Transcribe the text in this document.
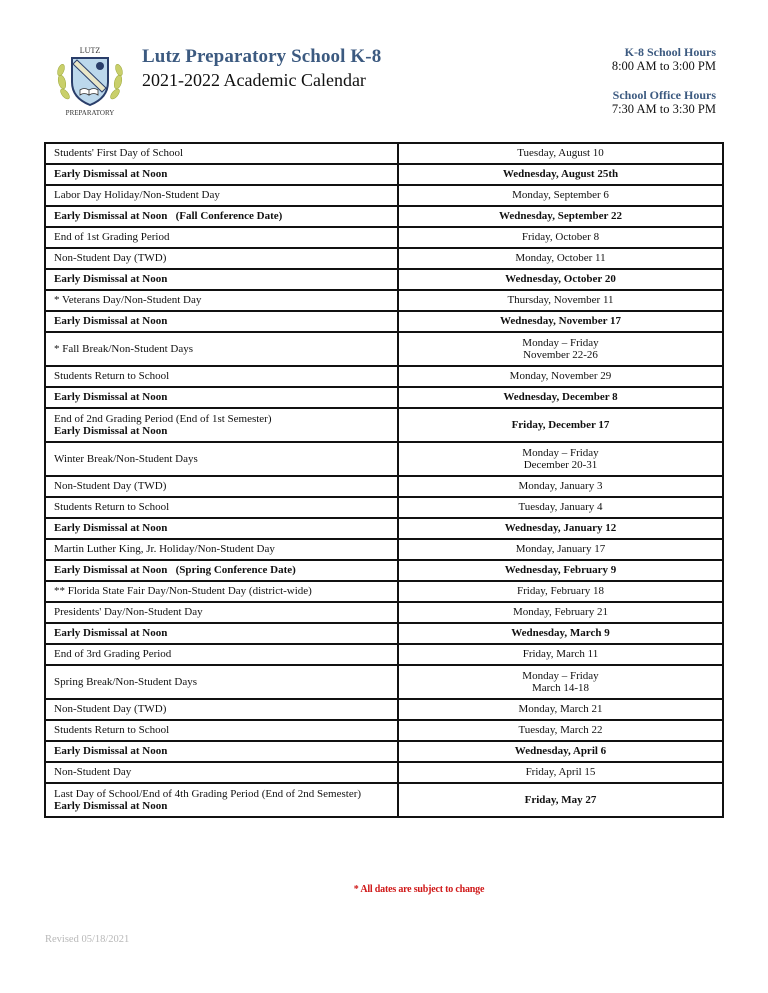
LUTZ
PREPARATORY
Lutz Preparatory School K-8
2021-2022 Academic Calendar
K-8 School Hours
8:00 AM to 3:00 PM
School Office Hours
7:30 AM to 3:30 PM
Students' First Day of School	Tuesday, August 10

Early Dismissal at Noon	Wednesday, August 25th

Labor Day Holiday/Non-Student Day	Monday, September 6

Early Dismissal at Noon   (Fall Conference Date)	Wednesday, September 22

End of 1st Grading Period	Friday, October 8

Non-Student Day (TWD)	Monday, October 11

Early Dismissal at Noon	Wednesday, October 20

* Veterans Day/Non-Student Day	Thursday, November 11

Early Dismissal at Noon	Wednesday, November 17

* Fall Break/Non-Student Days	Monday – Friday
November 22-26

Students Return to School	Monday, November 29

Early Dismissal at Noon	Wednesday, December 8

End of 2nd Grading Period (End of 1st Semester)
Early Dismissal at Noon	Friday, December 17

Winter Break/Non-Student Days	Monday – Friday
December 20-31

Non-Student Day (TWD)	Monday, January 3

Students Return to School	Tuesday, January 4

Early Dismissal at Noon	Wednesday, January 12

Martin Luther King, Jr. Holiday/Non-Student Day	Monday, January 17

Early Dismissal at Noon   (Spring Conference Date)	Wednesday, February 9

** Florida State Fair Day/Non-Student Day (district-wide)	Friday, February 18

Presidents' Day/Non-Student Day	Monday, February 21

Early Dismissal at Noon	Wednesday, March 9

End of 3rd Grading Period	Friday, March 11

Spring Break/Non-Student Days	Monday – Friday
March 14-18

Non-Student Day (TWD)	Monday, March 21

Students Return to School	Tuesday, March 22

Early Dismissal at Noon	Wednesday, April 6

Non-Student Day	Friday, April 15

Last Day of School/End of 4th Grading Period (End of 2nd Semester)
Early Dismissal at Noon	Friday, May 27
* All dates are subject to change
Revised 05/18/2021
